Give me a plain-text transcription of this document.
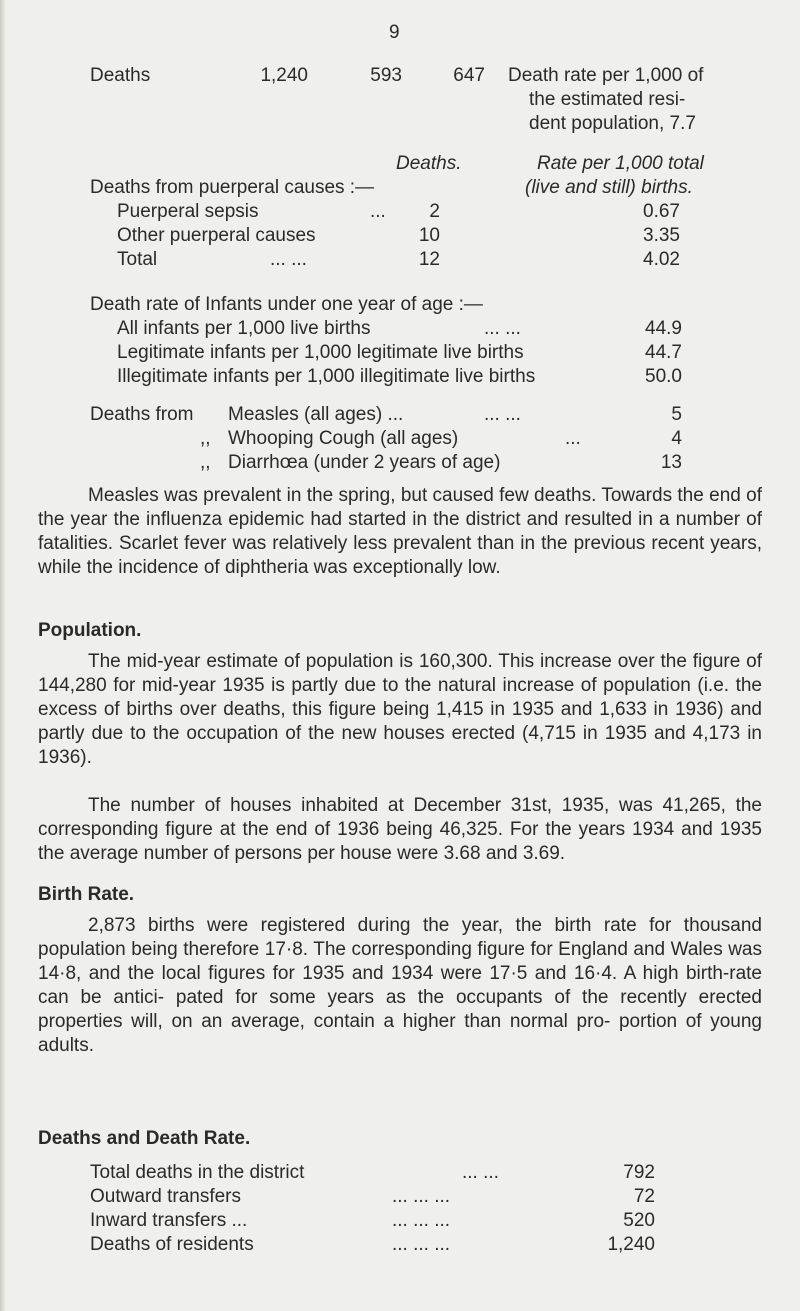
9
Deaths	1,240	593	647 Death rate per 1,000 of
the estimated resi-
dent population, 7.7
Deaths.	Rate per 1,000 total
(live and still) births.
Deaths from puerperal causes :—
Puerperal sepsis	...	2	0.67
Other puerperal causes	10	3.35
Total	... ...	12	4.02
Death rate of Infants under one year of age :—
All infants per 1,000 live births	... ...	44.9
Legitimate infants per 1,000 legitimate live births	44.7
Illegitimate infants per 1,000 illegitimate live births	50.0
Deaths from Measles (all ages) ...	... ...	5
,, Whooping Cough (all ages)	...	4
,, Diarrhœa (under 2 years of age)	13

Measles was prevalent in the spring, but caused few deaths. Towards the end of the year the influenza epidemic had started in the district and resulted in a number of fatalities. Scarlet fever was relatively less prevalent than in the previous recent years, while the incidence of diphtheria was exceptionally low.

Population.

The mid-year estimate of population is 160,300. This increase over the figure of 144,280 for mid-year 1935 is partly due to the natural increase of population (i.e. the excess of births over deaths, this figure being 1,415 in 1935 and 1,633 in 1936) and partly due to the occupation of the new houses erected (4,715 in 1935 and 4,173 in 1936).

The number of houses inhabited at December 31st, 1935, was 41,265, the corresponding figure at the end of 1936 being 46,325. For the years 1934 and 1935 the average number of persons per house were 3.68 and 3.69.

Birth Rate.

2,873 births were registered during the year, the birth rate for thousand population being therefore 17·8. The corresponding figure for England and Wales was 14·8, and the local figures for 1935 and 1934 were 17·5 and 16·4. A high birth-rate can be antici- pated for some years as the occupants of the recently erected properties will, on an average, contain a higher than normal pro- portion of young adults.

Deaths and Death Rate.
Total deaths in the district	... ...	792
Outward transfers	... ... ...	72
Inward transfers ...	... ... ...	520
Deaths of residents	... ... ...	1,240
